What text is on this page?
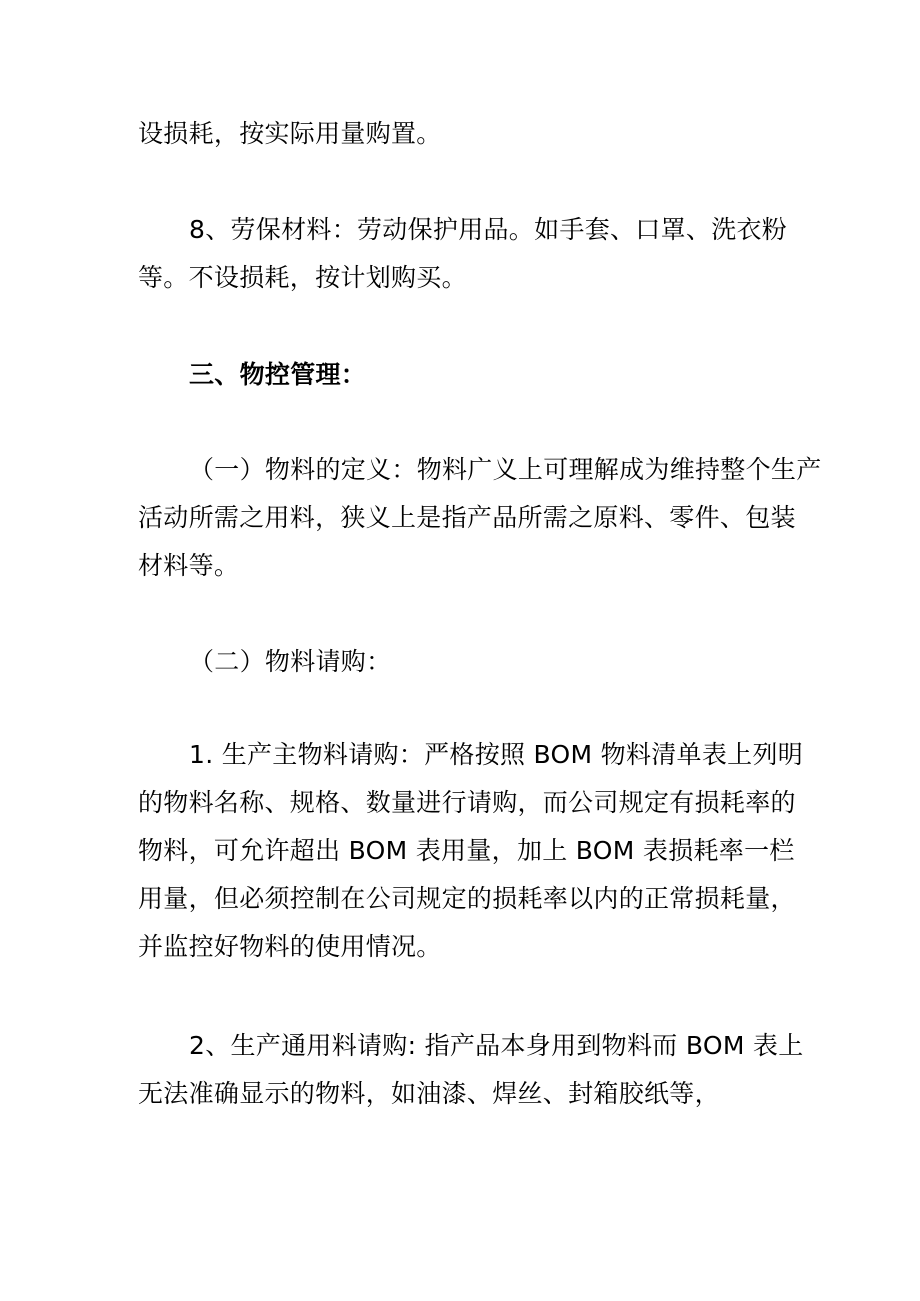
设损耗，按实际用量购置。

8、劳保材料：劳动保护用品。如手套、口罩、洗衣粉
等。不设损耗，按计划购买。

三、物控管理：

（一）物料的定义：物料广义上可理解成为维持整个生产
活动所需之用料，狭义上是指产品所需之原料、零件、包装
材料等。

（二）物料请购：

1. 生产主物料请购：严格按照 BOM 物料清单表上列明
的物料名称、规格、数量进行请购，而公司规定有损耗率的
物料，可允许超出 BOM 表用量，加上 BOM 表损耗率一栏
用量，但必须控制在公司规定的损耗率以内的正常损耗量，
并监控好物料的使用情况。

2、生产通用料请购: 指产品本身用到物料而 BOM 表上
无法准确显示的物料，如油漆、焊丝、封箱胶纸等，
